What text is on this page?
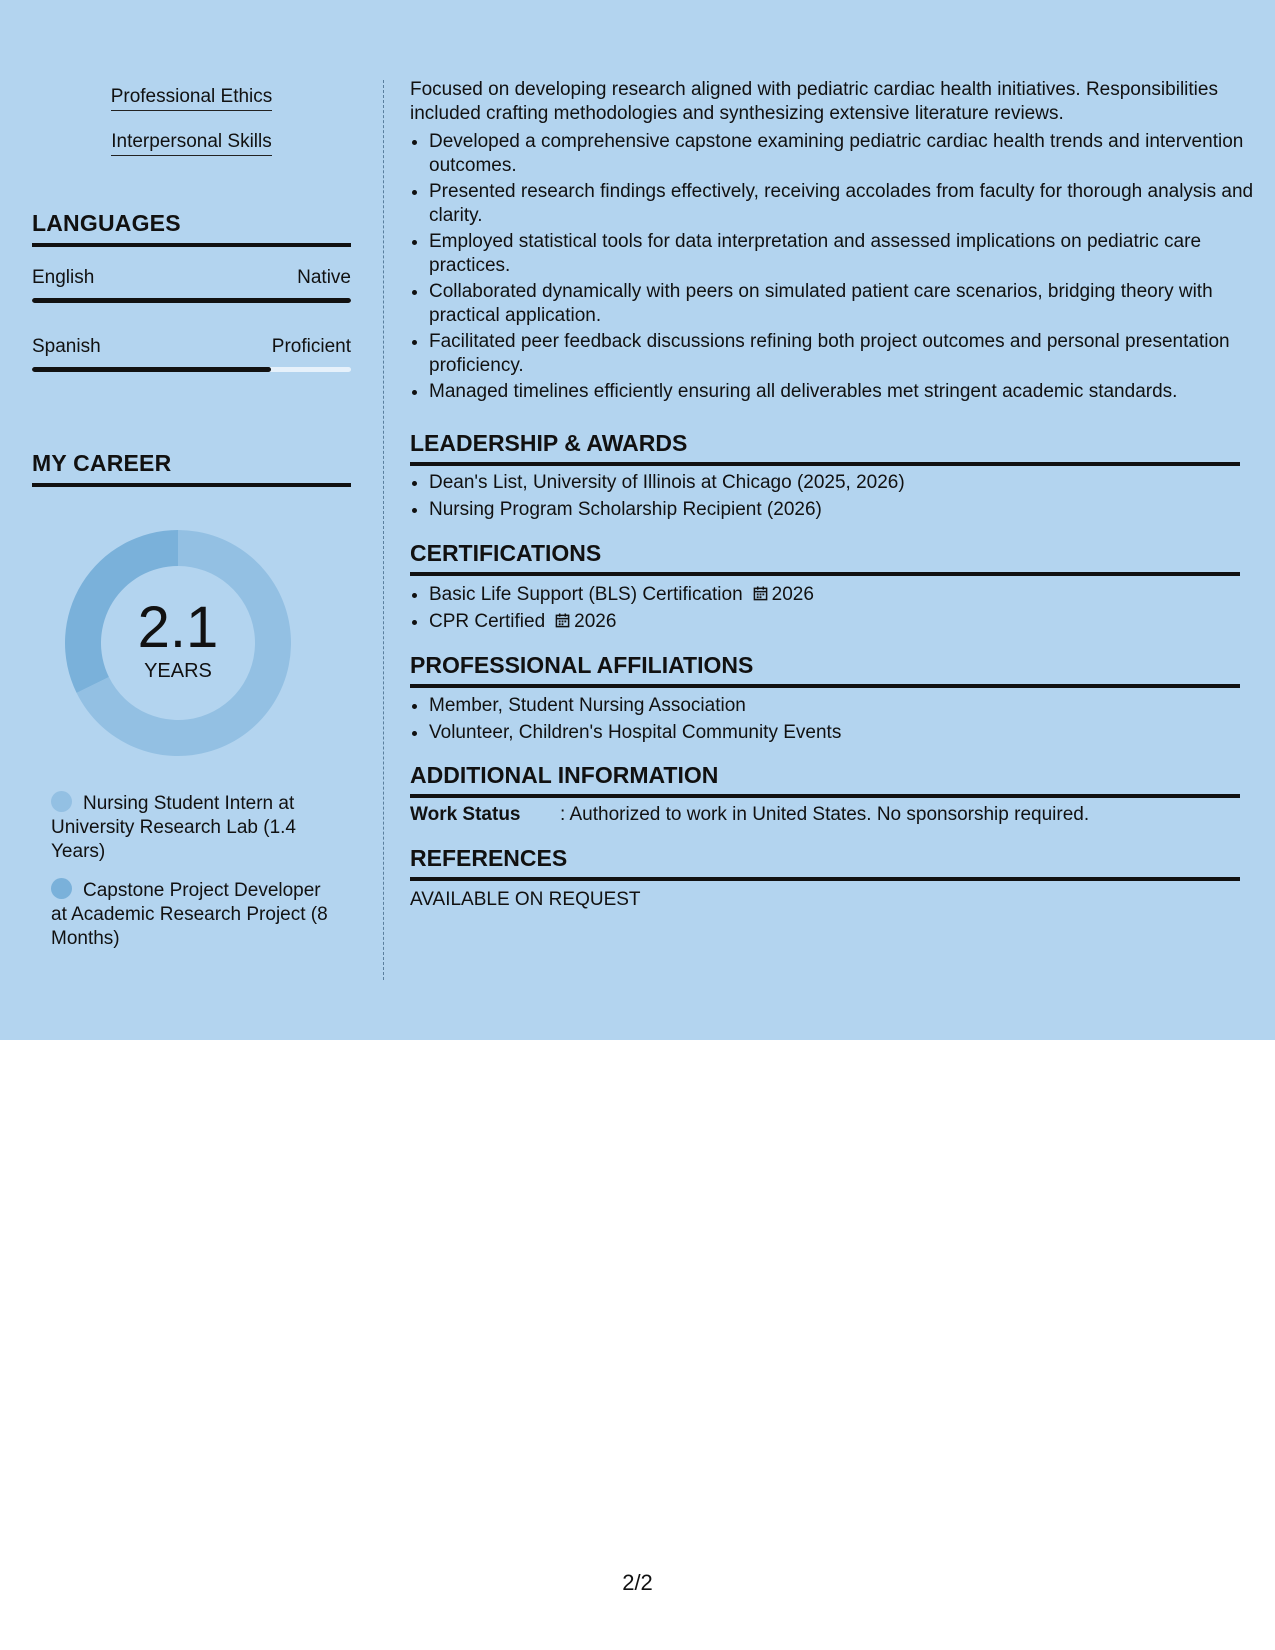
Professional Ethics
Interpersonal Skills
LANGUAGES
English	Native
Spanish	Proficient
MY CAREER
2.1
YEARS
Nursing Student Intern at University Research Lab (1.4 Years)
Capstone Project Developer at Academic Research Project (8 Months)
Focused on developing research aligned with pediatric cardiac health initiatives. Responsibilities included crafting methodologies and synthesizing extensive literature reviews.
• Developed a comprehensive capstone examining pediatric cardiac health trends and intervention outcomes.
• Presented research findings effectively, receiving accolades from faculty for thorough analysis and clarity.
• Employed statistical tools for data interpretation and assessed implications on pediatric care practices.
• Collaborated dynamically with peers on simulated patient care scenarios, bridging theory with practical application.
• Facilitated peer feedback discussions refining both project outcomes and personal presentation proficiency.
• Managed timelines efficiently ensuring all deliverables met stringent academic standards.
LEADERSHIP & AWARDS
• Dean's List, University of Illinois at Chicago (2025, 2026)
• Nursing Program Scholarship Recipient (2026)
CERTIFICATIONS
• Basic Life Support (BLS) Certification 2026
• CPR Certified 2026
PROFESSIONAL AFFILIATIONS
• Member, Student Nursing Association
• Volunteer, Children's Hospital Community Events
ADDITIONAL INFORMATION
Work Status : Authorized to work in United States. No sponsorship required.
REFERENCES
AVAILABLE ON REQUEST
2/2
